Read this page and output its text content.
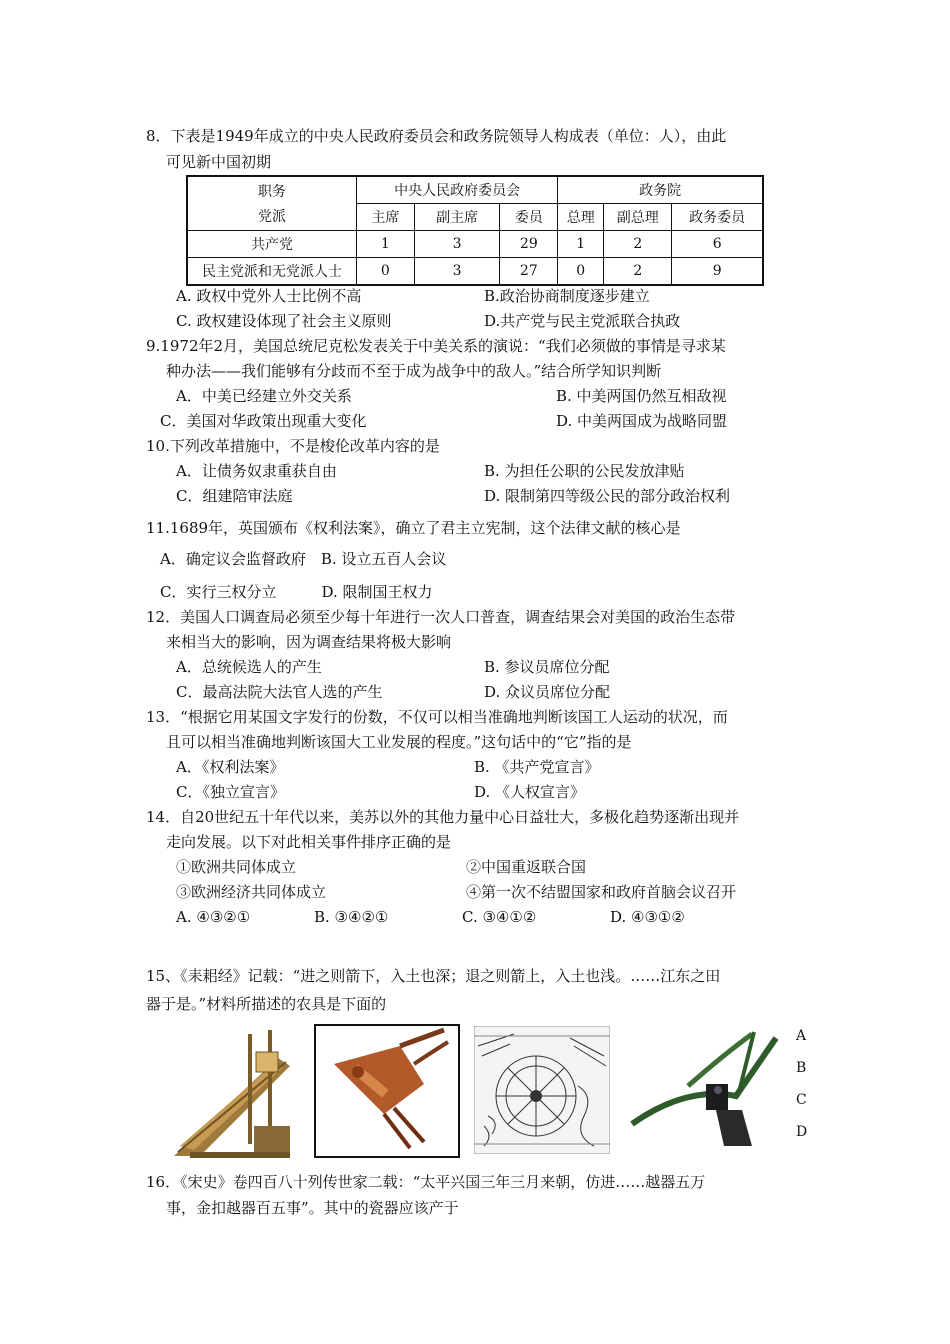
8．下表是1949年成立的中央人民政府委员会和政务院领导人构成表（单位：人），由此
可见新中国初期
职务
党派	中央人民政府委员会			政务院		
	主席	副主席	委员	总理	副总理	政务委员
共产党	1	3	29	1	2	6
民主党派和无党派人士	0	3	27	0	2	9
A. 政权中党外人士比例不高	B.政治协商制度逐步建立
C. 政权建设体现了社会主义原则	D.共产党与民主党派联合执政
9.1972年2月，美国总统尼克松发表关于中美关系的演说：“我们必须做的事情是寻求某
种办法——我们能够有分歧而不至于成为战争中的敌人。”结合所学知识判断
A．中美已经建立外交关系	B. 中美两国仍然互相敌视
C．美国对华政策出现重大变化	D. 中美两国成为战略同盟
10.下列改革措施中，不是梭伦改革内容的是
A．让债务奴隶重获自由	B. 为担任公职的公民发放津贴
C．组建陪审法庭	D. 限制第四等级公民的部分政治权利
11.1689年，英国颁布《权利法案》，确立了君主立宪制，这个法律文献的核心是
A．确定议会监督政府　B. 设立五百人会议
C．实行三权分立　　　D. 限制国王权力
12．美国人口调查局必须至少每十年进行一次人口普查，调查结果会对美国的政治生态带
来相当大的影响，因为调查结果将极大影响
A．总统候选人的产生	B. 参议员席位分配
C．最高法院大法官人选的产生	D. 众议员席位分配
13．“根据它用某国文字发行的份数，不仅可以相当准确地判断该国工人运动的状况，而
且可以相当准确地判断该国大工业发展的程度。”这句话中的“它”指的是
A．《权利法案》	B. 《共产党宣言》
C．《独立宣言》	D. 《人权宣言》
14．自20世纪五十年代以来，美苏以外的其他力量中心日益壮大，多极化趋势逐渐出现并
走向发展。以下对此相关事件排序正确的是
①欧洲共同体成立	②中国重返联合国
③欧洲经济共同体成立	④第一次不结盟国家和政府首脑会议召开
A. ④③②①	B. ③④②①	C. ③④①②	D. ④③①②
15、《耒耜经》记载：“进之则箭下，入土也深；退之则箭上，入土也浅。……江东之田
器于是。”材料所描述的农具是下面的
A
B
C
D
16．《宋史》卷四百八十列传世家二载：“太平兴国三年三月来朝，仿进……越器五万
事，金扣越器百五事”。其中的瓷器应该产于
